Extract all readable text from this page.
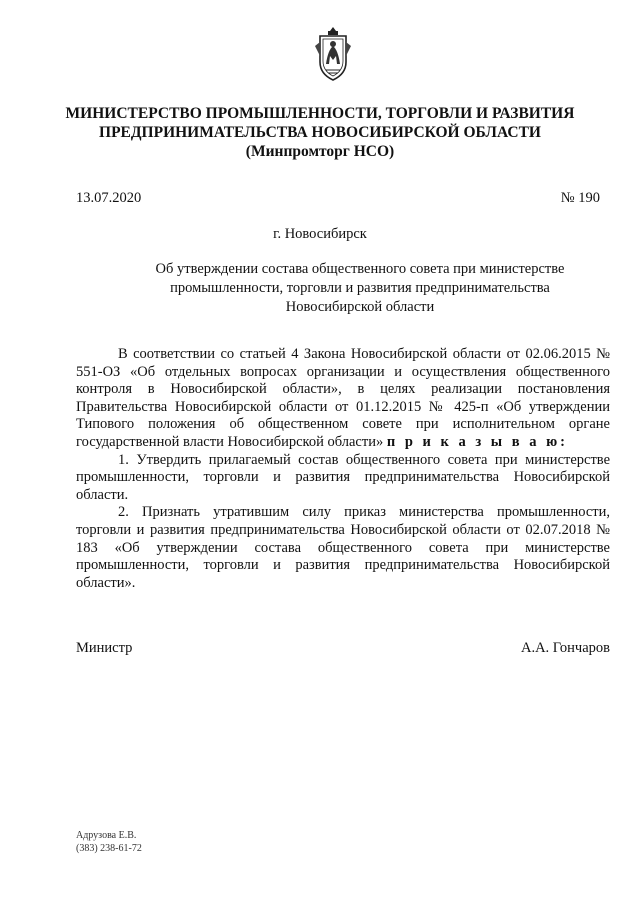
МИНИСТЕРСТВО ПРОМЫШЛЕННОСТИ, ТОРГОВЛИ И РАЗВИТИЯ
ПРЕДПРИНИМАТЕЛЬСТВА НОВОСИБИРСКОЙ ОБЛАСТИ
(Минпромторг НСО)
13.07.2020	№ 190
г. Новосибирск
Об утверждении состава общественного совета при министерстве промышленности, торговли и развития предпринимательства Новосибирской области

В соответствии со статьей 4 Закона Новосибирской области от 02.06.2015 № 551-ОЗ «Об отдельных вопросах организации и осуществления общественного контроля в Новосибирской области», в целях реализации постановления Правительства Новосибирской области от 01.12.2015 № 425-п «Об утверждении Типового положения об общественном совете при исполнительном органе государственной власти Новосибирской области» п р и к а з ы в а ю:

1. Утвердить прилагаемый состав общественного совета при министерстве промышленности, торговли и развития предпринимательства Новосибирской области.

2. Признать утратившим силу приказ министерства промышленности, торговли и развития предпринимательства Новосибирской области от 02.07.2018 № 183 «Об утверждении состава общественного совета при министерстве промышленности, торговли и развития предпринимательства Новосибирской области».

Министр	А.А. Гончаров
Адрузова Е.В.
(383) 238-61-72
